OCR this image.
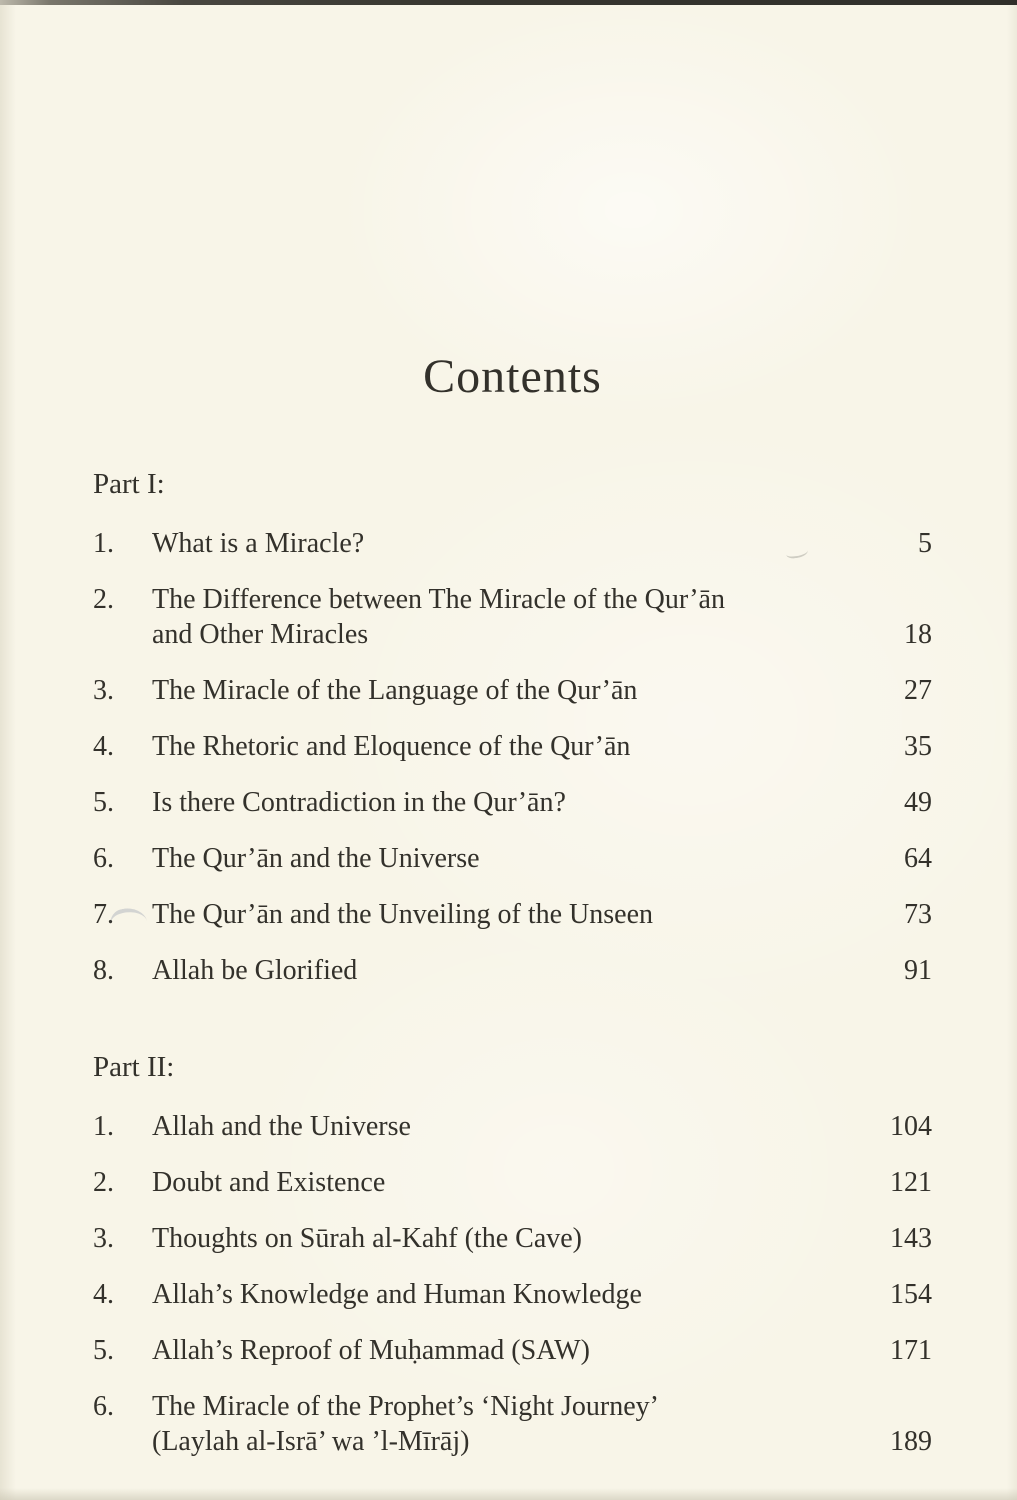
Contents
Part I:
1.	What is a Miracle?	5
2.	The Difference between The Miracle of the Qur’ān
and Other Miracles	18
3.	The Miracle of the Language of the Qur’ān	27
4.	The Rhetoric and Eloquence of the Qur’ān	35
5.	Is there Contradiction in the Qur’ān?	49
6.	The Qur’ān and the Universe	64
7.	The Qur’ān and the Unveiling of the Unseen	73
8.	Allah be Glorified	91
Part II:
1.	Allah and the Universe	104
2.	Doubt and Existence	121
3.	Thoughts on Sūrah al-Kahf (the Cave)	143
4.	Allah’s Knowledge and Human Knowledge	154
5.	Allah’s Reproof of Muḥammad (SAW)	171
6.	The Miracle of the Prophet’s ‘Night Journey’
(Laylah al-Isrā’ wa ’l-Mīrāj)	189
